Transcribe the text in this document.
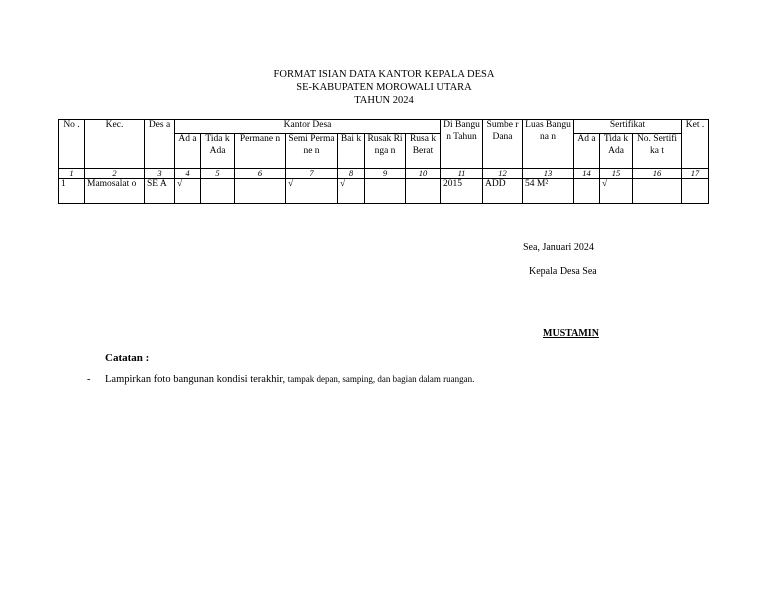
FORMAT ISIAN DATA KANTOR KEPALA DESA
SE-KABUPATEN MOROWALI UTARA
TAHUN 2024
No .	Kec.	Des a	Kantor Desa							Di Bangu n Tahun	Sumbe r Dana	Luas Banguna n	Sertifikat			Ket .
			Ad a	Tida k Ada	Permane n	Semi Permane n	Bai k	Rusak Ringa n	Rusa k Berat				Ad a	Tida k Ada	No. Sertifika t	
1	2	3	4	5	6	7	8	9	10	11	12	13	14	15	16	17
1	Mamosalat o	SE A	√			√	√			2015	ADD	54 M²		√		
Sea, Januari 2024
Kepala Desa Sea
MUSTAMIN
Catatan :
- Lampirkan foto bangunan kondisi terakhir, tampak depan, samping, dan bagian dalam ruangan.
